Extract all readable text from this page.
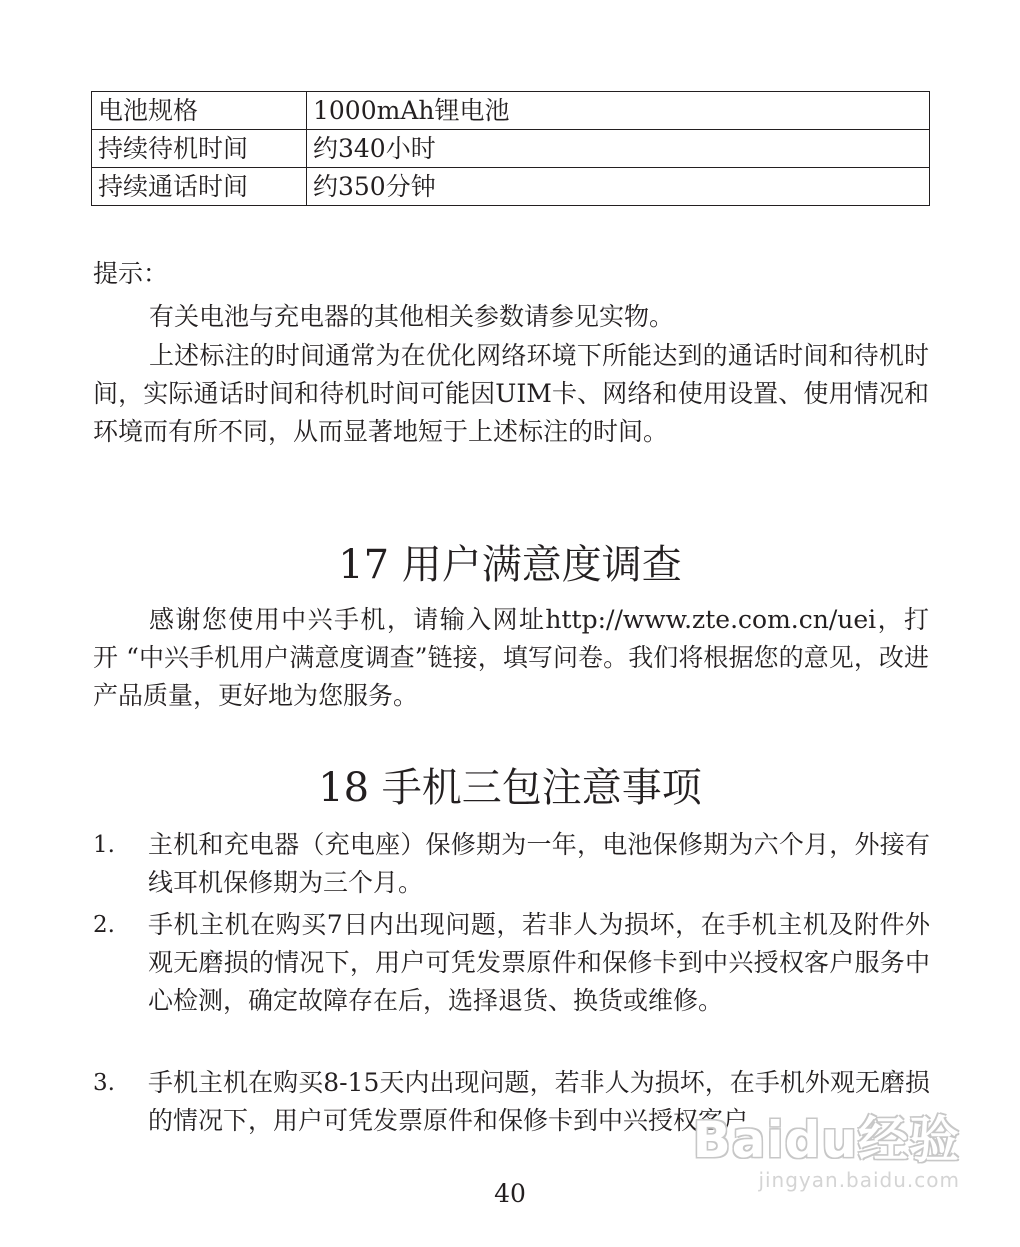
电池规格	1000mAh锂电池
持续待机时间	约340小时
持续通话时间	约350分钟

提示：

有关电池与充电器的其他相关参数请参见实物。

上述标注的时间通常为在优化网络环境下所能达到的通话时间和待机时间，实际通话时间和待机时间可能因UIM卡、网络和使用设置、使用情况和环境而有所不同，从而显著地短于上述标注的时间。

17 用户满意度调查

感谢您使用中兴手机，请输入网址http://www.zte.com.cn/uei，打开 “中兴手机用户满意度调查”链接，填写问卷。我们将根据您的意见，改进产品质量，更好地为您服务。

18 手机三包注意事项
1. 主机和充电器（充电座）保修期为一年，电池保修期为六个月，外接有线耳机保修期为三个月。

2. 手机主机在购买7日内出现问题，若非人为损坏，在手机主机及附件外观无磨损的情况下，用户可凭发票原件和保修卡到中兴授权客户服务中心检测，确定故障存在后，选择退货、换货或维修。

3. 手机主机在购买8-15天内出现问题，若非人为损坏，在手机外观无磨损的情况下，用户可凭发票原件和保修卡到中兴授权客户

Baidu经验
jingyan.baidu.com
40
